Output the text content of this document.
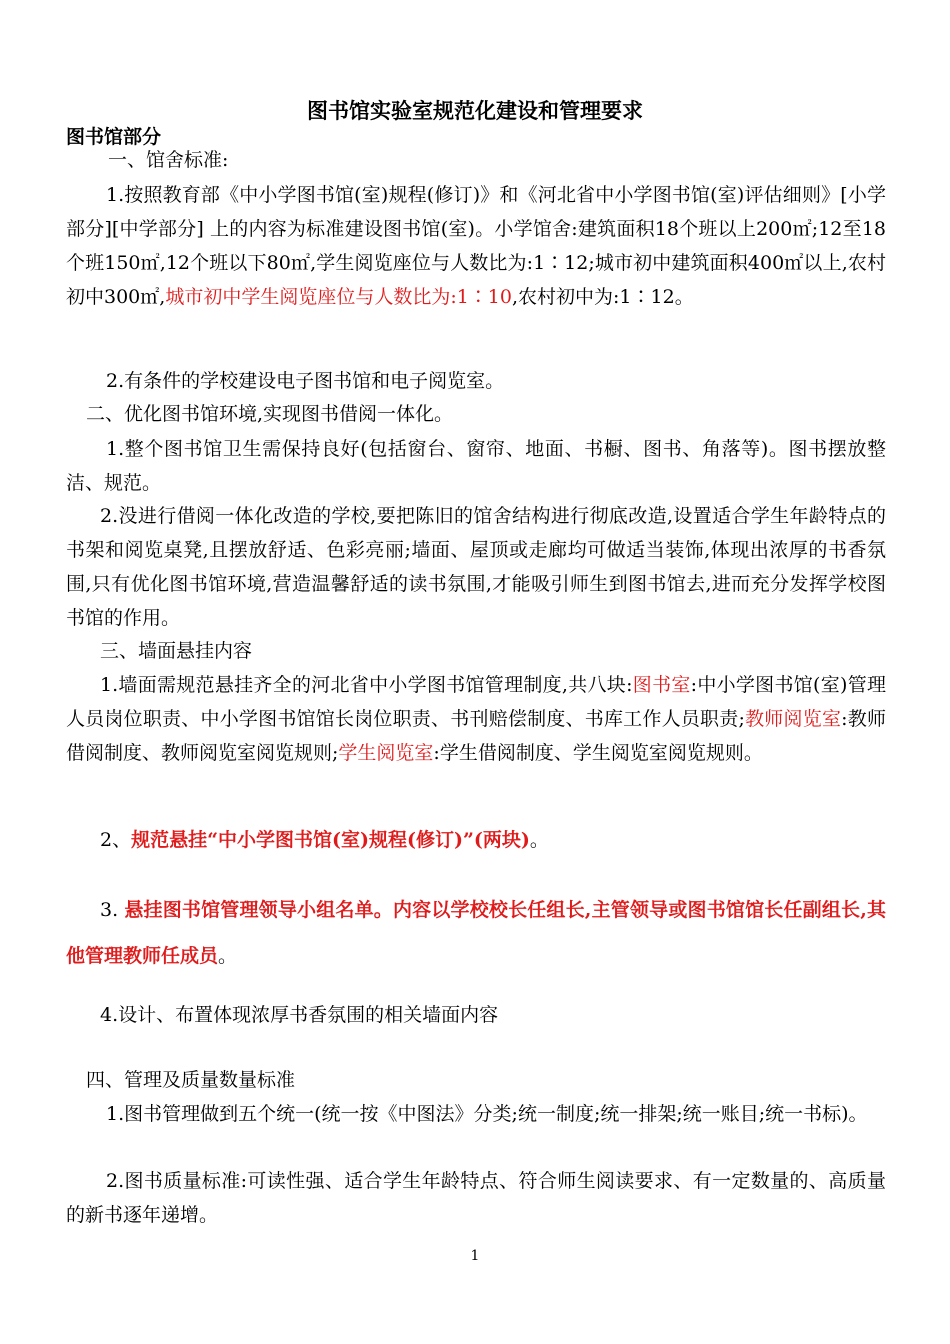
图书馆实验室规范化建设和管理要求
图书馆部分
一、馆舍标准:
1.按照教育部《中小学图书馆(室)规程(修订)》和《河北省中小学图书馆(室)评估细则》[小学部分][中学部分] 上的内容为标准建设图书馆(室)。小学馆舍:建筑面积18个班以上200㎡;12至18个班150㎡,12个班以下80㎡,学生阅览座位与人数比为:1∶12;城市初中建筑面积400㎡以上,农村初中300㎡,城市初中学生阅览座位与人数比为:1∶10,农村初中为:1∶12。
2.有条件的学校建设电子图书馆和电子阅览室。
二、优化图书馆环境,实现图书借阅一体化。
1.整个图书馆卫生需保持良好(包括窗台、窗帘、地面、书橱、图书、角落等)。图书摆放整洁、规范。
2.没进行借阅一体化改造的学校,要把陈旧的馆舍结构进行彻底改造,设置适合学生年龄特点的书架和阅览桌凳,且摆放舒适、色彩亮丽;墙面、屋顶或走廊均可做适当装饰,体现出浓厚的书香氛围,只有优化图书馆环境,营造温馨舒适的读书氛围,才能吸引师生到图书馆去,进而充分发挥学校图书馆的作用。
三、墙面悬挂内容
1.墙面需规范悬挂齐全的河北省中小学图书馆管理制度,共八块:图书室:中小学图书馆(室)管理人员岗位职责、中小学图书馆馆长岗位职责、书刊赔偿制度、书库工作人员职责;教师阅览室:教师借阅制度、教师阅览室阅览规则;学生阅览室:学生借阅制度、学生阅览室阅览规则。
2、规范悬挂“中小学图书馆(室)规程(修订)”(两块)。
3. 悬挂图书馆管理领导小组名单。内容以学校校长任组长,主管领导或图书馆馆长任副组长,其他管理教师任成员。
4.设计、布置体现浓厚书香氛围的相关墙面内容
四、管理及质量数量标准
1.图书管理做到五个统一(统一按《中图法》分类;统一制度;统一排架;统一账目;统一书标)。
2.图书质量标准:可读性强、适合学生年龄特点、符合师生阅读要求、有一定数量的、高质量的新书逐年递增。
1
